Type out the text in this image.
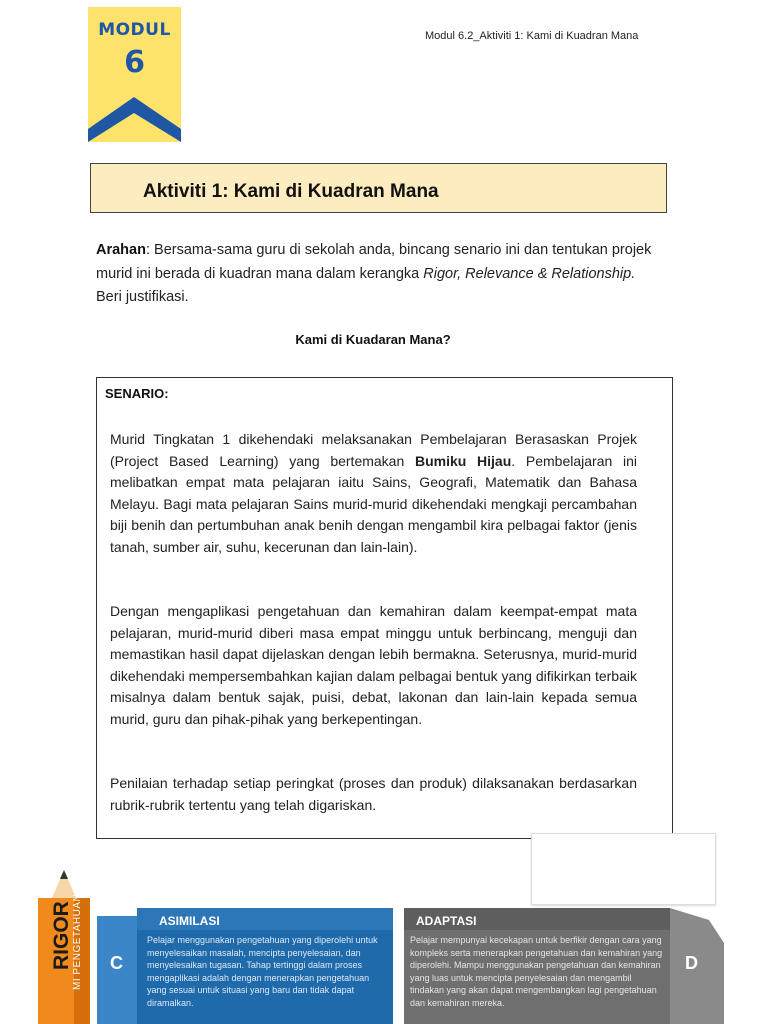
MODUL
6
Modul 6.2_Aktiviti 1: Kami di Kuadran Mana
Aktiviti 1: Kami di Kuadran Mana
Arahan: Bersama-sama guru di sekolah anda, bincang senario ini dan tentukan projek murid ini berada di kuadran mana dalam kerangka Rigor, Relevance & Relationship. Beri justifikasi.
Kami di Kuadaran Mana?
SENARIO:
Murid Tingkatan 1 dikehendaki melaksanakan Pembelajaran Berasaskan Projek (Project Based Learning) yang bertemakan Bumiku Hijau. Pembelajaran ini melibatkan empat mata pelajaran iaitu Sains, Geografi, Matematik dan Bahasa Melayu. Bagi mata pelajaran Sains murid-murid dikehendaki mengkaji percambahan biji benih dan pertumbuhan anak benih dengan mengambil kira pelbagai faktor (jenis tanah, sumber air, suhu, kecerunan dan lain-lain).
Dengan mengaplikasi pengetahuan dan kemahiran dalam keempat-empat mata pelajaran, murid-murid diberi masa empat minggu untuk berbincang, menguji dan memastikan hasil dapat dijelaskan dengan lebih bermakna. Seterusnya, murid-murid dikehendaki mempersembahkan kajian dalam pelbagai bentuk yang difikirkan terbaik misalnya dalam bentuk sajak, puisi, debat, lakonan dan lain-lain kepada semua murid, guru dan pihak-pihak yang berkepentingan.
Penilaian terhadap setiap peringkat (proses dan produk) dilaksanakan berdasarkan rubrik-rubrik tertentu yang telah digariskan.
RIGOR MI PENGETAHUAN C
ASIMILASI
Pelajar menggunakan pengetahuan yang diperolehi untuk menyelesaikan masalah, mencipta penyelesaian, dan menyelesaikan tugasan. Tahap tertinggi dalam proses mengaplikasi adalah dengan menerapkan pengetahuan yang sesuai untuk situasi yang baru dan tidak dapat diramalkan.
D
ADAPTASI
Pelajar mempunyai kecekapan untuk berfikir dengan cara yang kompleks serta menerapkan pengetahuan dan kemahiran yang diperolehi. Mampu menggunakan pengetahuan dan kemahiran yang luas untuk mencipta penyelesaian dan mengambil tindakan yang akan dapat mengembangkan lagi pengetahuan dan kemahiran mereka.
